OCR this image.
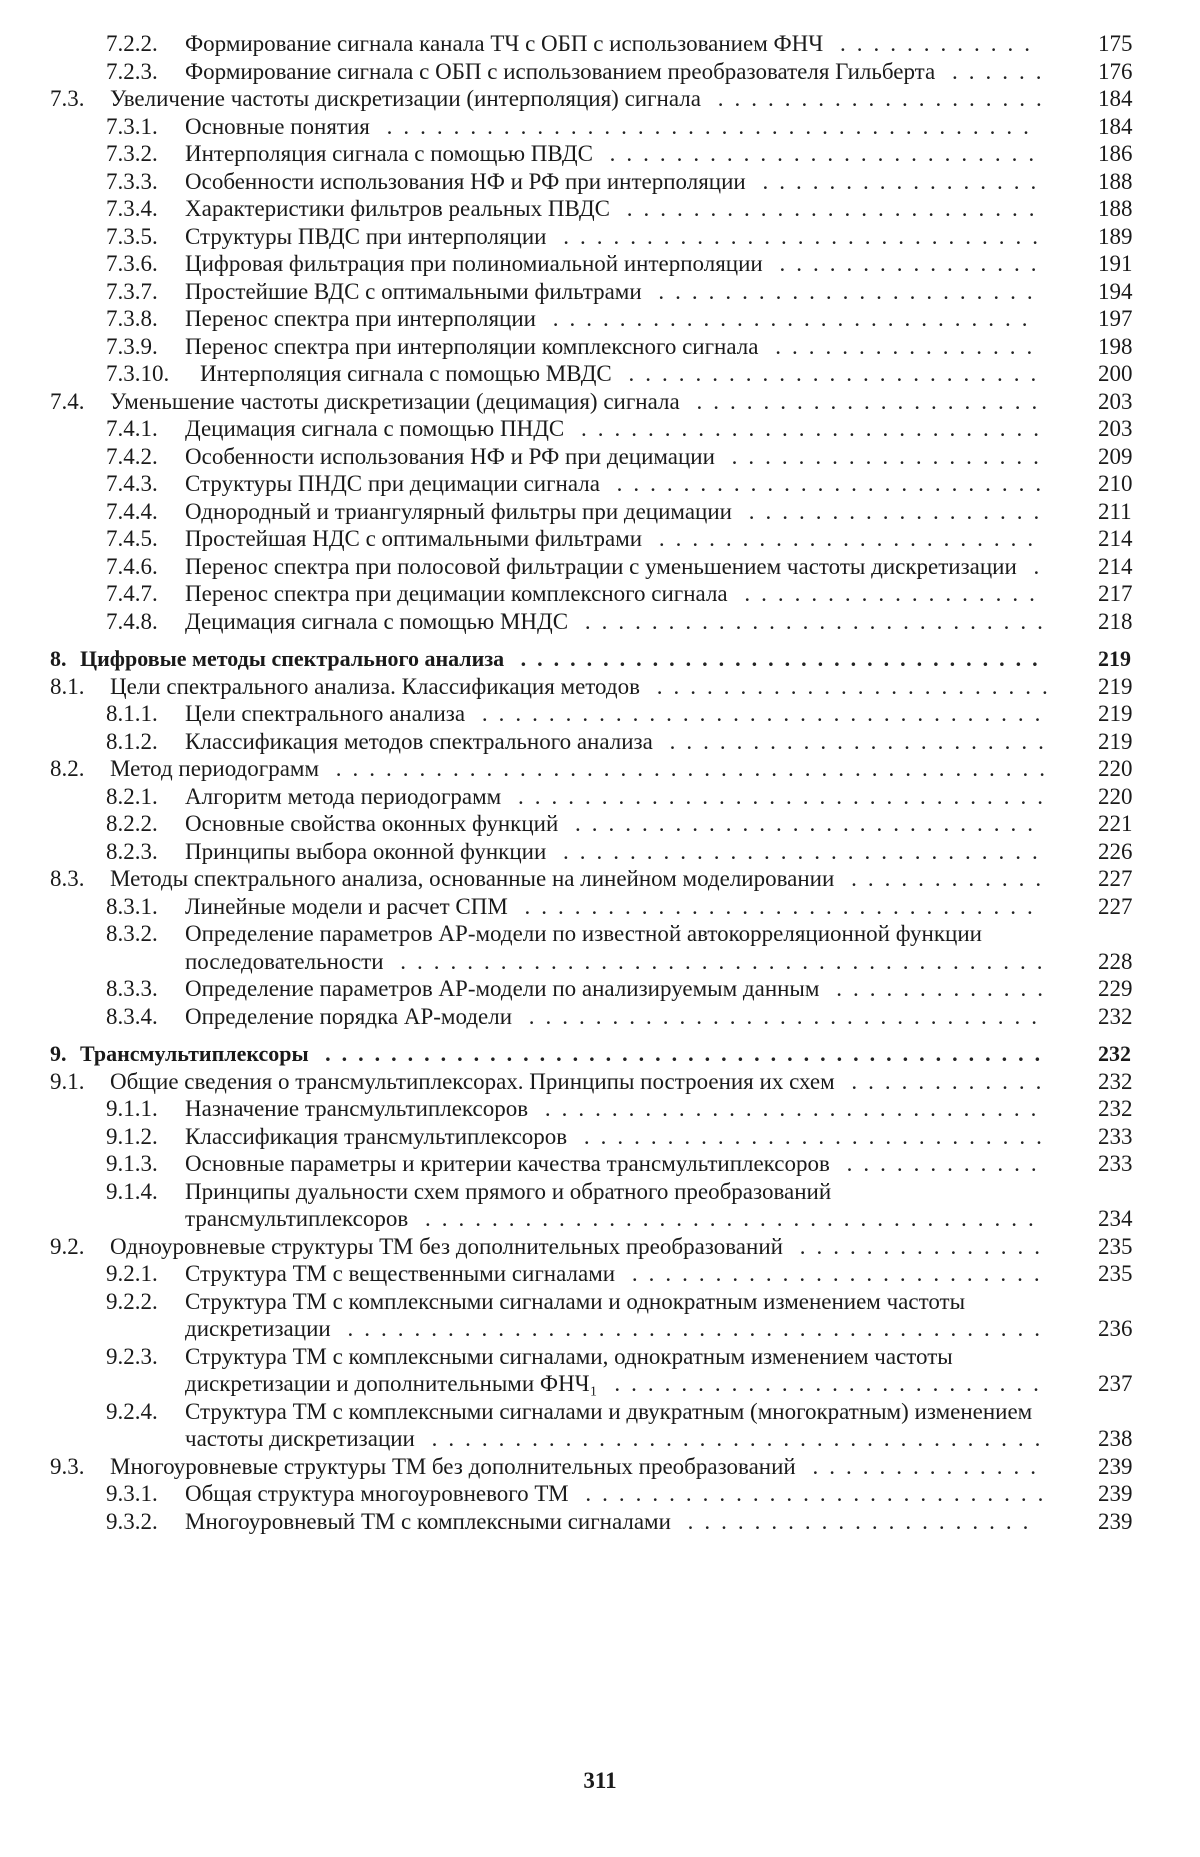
7.2.2.	Формирование сигнала канала ТЧ с ОБП с использованием ФНЧ ............	175
7.2.3.	Формирование сигнала с ОБП с использованием преобразователя Гильберта ...... 176
7.3.	Увеличение частоты дискретизации (интерполяция) сигнала ....................	184
7.3.1.	Основные понятия .......................................	184
7.3.2.	Интерполяция сигнала с помощью ПВДС ..........................	186
7.3.3.	Особенности использования НФ и РФ при интерполяции .................	188
7.3.4.	Характеристики фильтров реальных ПВДС .........................	188
7.3.5.	Структуры ПВДС при интерполяции ............................. 189
7.3.6.	Цифровая фильтрация при полиномиальной интерполяции ................	191
7.3.7.	Простейшие ВДС с оптимальными фильтрами .......................	194
7.3.8.	Перенос спектра при интерполяции .............................	197
7.3.9.	Перенос спектра при интерполяции комплексного сигнала ................	198
7.3.10.	Интерполяция сигнала с помощью МВДС .........................	200
7.4.	Уменьшение частоты дискретизации (децимация) сигнала .....................	203
7.4.1.	Децимация сигнала с помощью ПНДС ............................ 203
7.4.2.	Особенности использования НФ и РФ при децимации ................... 209
7.4.3.	Структуры ПНДС при децимации сигнала .......................... 210
7.4.4.	Однородный и триангулярный фильтры при децимации .................. 211
7.4.5.	Простейшая НДС с оптимальными фильтрами .......................	214
7.4.6.	Перенос спектра при полосовой фильтрации с уменьшением частоты дискретизации . 214
7.4.7.	Перенос спектра при децимации комплексного сигнала ..................	217
7.4.8.	Децимация сигнала с помощью МНДС ............................ 218
8. Цифровые методы спектрального анализа ................................	219
8.1.	Цели спектрального анализа. Классификация методов ........................ 219
8.1.1.	Цели спектрального анализа .................................. 219
8.1.2.	Классификация методов спектрального анализа ....................... 219
8.2.	Метод периодограмм ........................................... 220
8.2.1.	Алгоритм метода периодограмм ................................ 220
8.2.2.	Основные свойства оконных функций ............................	221
8.2.3.	Принципы выбора оконной функции ............................. 226
8.3.	Методы спектрального анализа, основанные на линейном моделировании ............	227
8.3.1.	Линейные модели и расчет СПМ ...............................	227
8.3.2.	Определение параметров АР-модели по известной автокорреляционной функции последовательности ....................................... 228
8.3.3.	Определение параметров АР-модели по анализируемым данным ............. 229
8.3.4.	Определение порядка АР-модели ...............................	232
9. Трансмультиплексоры ............................................	232
9.1.	Общие сведения о трансмультиплексорах. Принципы построения их схем ............	232
9.1.1.	Назначение трансмультиплексоров ..............................	232
9.1.2.	Классификация трансмультиплексоров ............................ 233
9.1.3.	Основные параметры и критерии качества трансмультиплексоров ............	233
9.1.4.	Принципы дуальности схем прямого и обратного преобразований трансмультиплексоров .....................................	234
9.2.	Одноуровневые структуры ТМ без дополнительных преобразований ...............	235
9.2.1.	Структура ТМ с вещественными сигналами ......................... 235
9.2.2.	Структура ТМ с комплексными сигналами и однократным изменением частоты дискретизации .......................................... 236
9.2.3.	Структура ТМ с комплексными сигналами, однократным изменением частоты дискретизации и дополнительными ФНЧ₁ .......................... 237
9.2.4.	Структура ТМ с комплексными сигналами и двукратным (многократным) изменением частоты дискретизации ..................................... 238
9.3.	Многоуровневые структуры ТМ без дополнительных преобразований ..............	239
9.3.1.	Общая структура многоуровневого ТМ ............................ 239
9.3.2.	Многоуровневый ТМ с комплексными сигналами .....................	239
311
